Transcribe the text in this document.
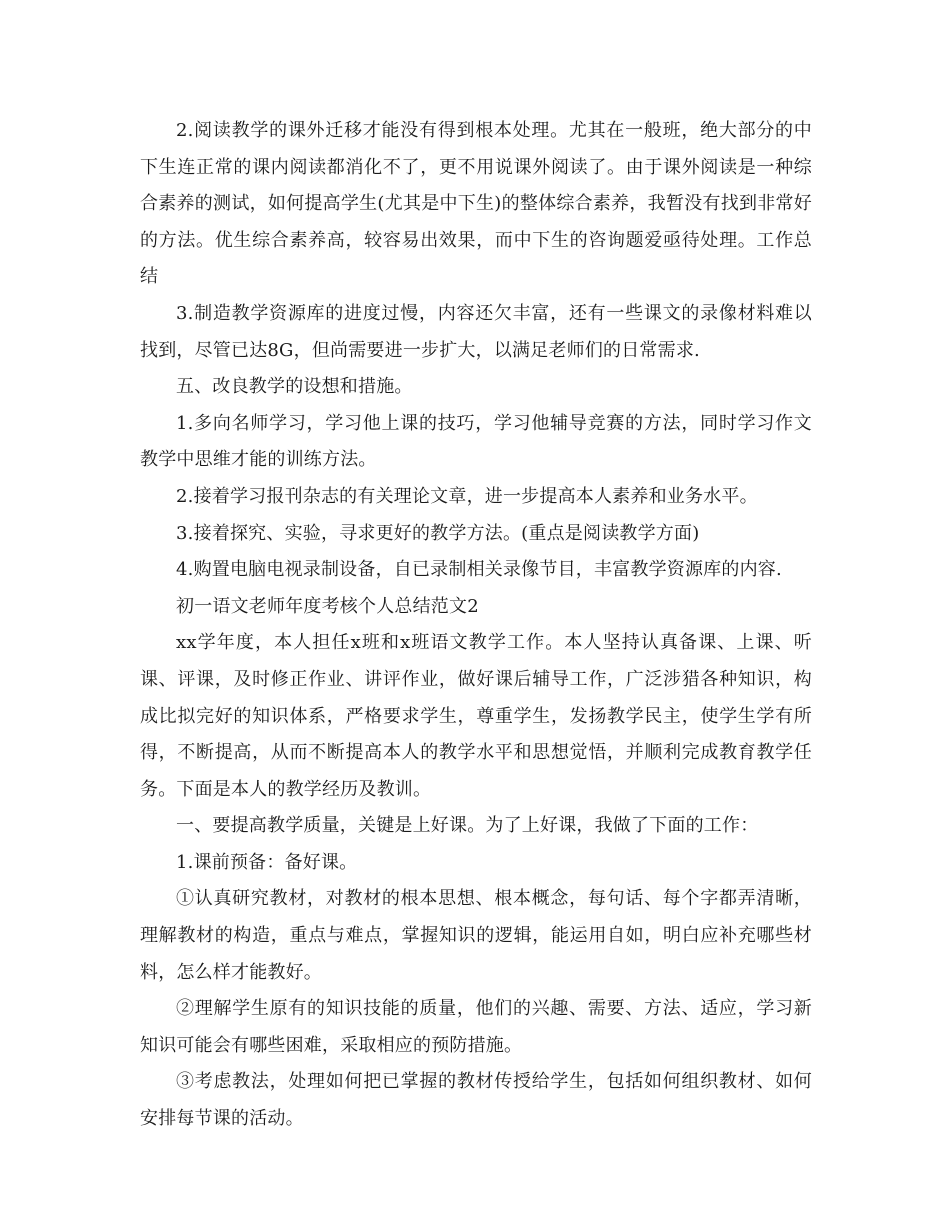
2.阅读教学的课外迁移才能没有得到根本处理。尤其在一般班，绝大部分的中下生连正常的课内阅读都消化不了，更不用说课外阅读了。由于课外阅读是一种综合素养的测试，如何提高学生(尤其是中下生)的整体综合素养，我暂没有找到非常好的方法。优生综合素养高，较容易出效果，而中下生的咨询题爱亟待处理。工作总结

3.制造教学资源库的进度过慢，内容还欠丰富，还有一些课文的录像材料难以找到，尽管已达8G，但尚需要进一步扩大，以满足老师们的日常需求.

五、改良教学的设想和措施。

1.多向名师学习，学习他上课的技巧，学习他辅导竞赛的方法，同时学习作文教学中思维才能的训练方法。

2.接着学习报刊杂志的有关理论文章，进一步提高本人素养和业务水平。

3.接着探究、实验，寻求更好的教学方法。(重点是阅读教学方面)

4.购置电脑电视录制设备，自已录制相关录像节目，丰富教学资源库的内容.

初一语文老师年度考核个人总结范文2

xx学年度，本人担任x班和x班语文教学工作。本人坚持认真备课、上课、听课、评课，及时修正作业、讲评作业，做好课后辅导工作，广泛涉猎各种知识，构成比拟完好的知识体系，严格要求学生，尊重学生，发扬教学民主，使学生学有所得，不断提高，从而不断提高本人的教学水平和思想觉悟，并顺利完成教育教学任务。下面是本人的教学经历及教训。

一、要提高教学质量，关键是上好课。为了上好课，我做了下面的工作：

1.课前预备：备好课。

①认真研究教材，对教材的根本思想、根本概念，每句话、每个字都弄清晰，理解教材的构造，重点与难点，掌握知识的逻辑，能运用自如，明白应补充哪些材料，怎么样才能教好。

②理解学生原有的知识技能的质量，他们的兴趣、需要、方法、适应，学习新知识可能会有哪些困难，采取相应的预防措施。

③考虑教法，处理如何把已掌握的教材传授给学生，包括如何组织教材、如何安排每节课的活动。
